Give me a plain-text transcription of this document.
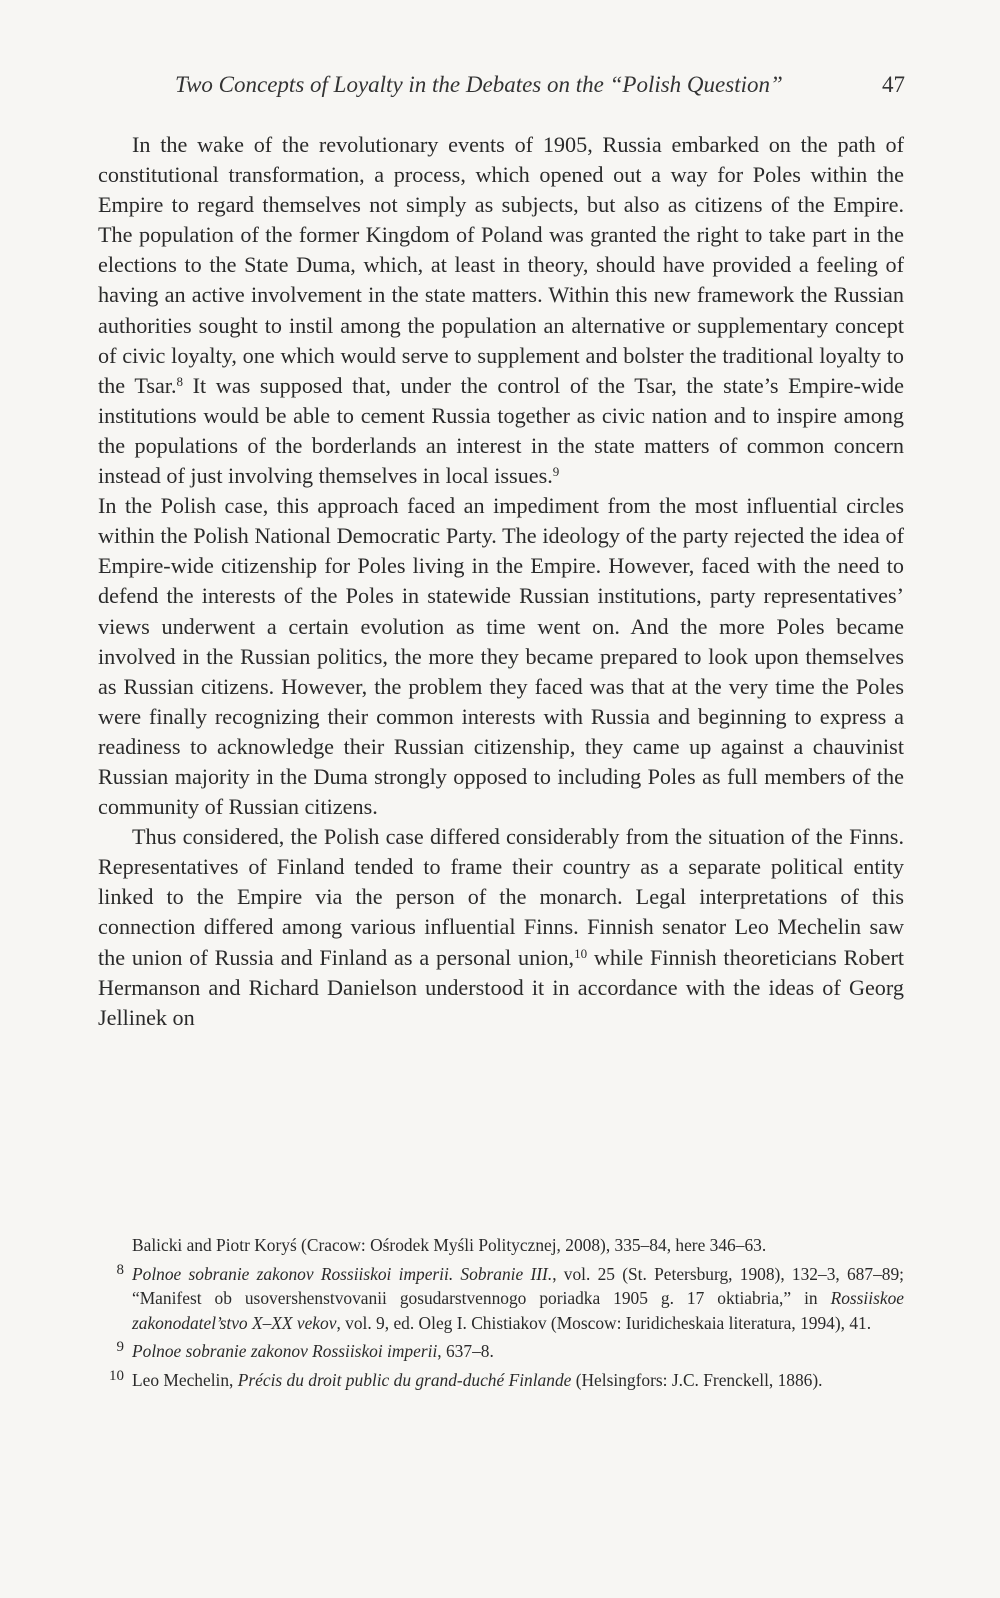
Two Concepts of Loyalty in the Debates on the “Polish Question”	47

In the wake of the revolutionary events of 1905, Russia embarked on the path of constitutional transformation, a process, which opened out a way for Poles within the Empire to regard themselves not simply as subjects, but also as citizens of the Empire. The population of the former Kingdom of Poland was granted the right to take part in the elections to the State Duma, which, at least in theory, should have provided a feeling of having an active involvement in the state matters. Within this new framework the Russian authorities sought to instil among the population an alternative or supplementary concept of civic loyalty, one which would serve to supplement and bolster the traditional loyalty to the Tsar.$^8$ It was supposed that, under the control of the Tsar, the state’s Empire-wide institutions would be able to cement Russia together as civic nation and to inspire among the populations of the borderlands an interest in the state matters of common concern instead of just involving themselves in local issues.$^9$

In the Polish case, this approach faced an impediment from the most influential circles within the Polish National Democratic Party. The ideology of the party rejected the idea of Empire-wide citizenship for Poles living in the Empire. However, faced with the need to defend the interests of the Poles in statewide Russian institutions, party representatives’ views underwent a certain evolution as time went on. And the more Poles became involved in the Russian politics, the more they became prepared to look upon themselves as Russian citizens. However, the problem they faced was that at the very time the Poles were finally recognizing their common interests with Russia and beginning to express a readiness to acknowledge their Russian citizenship, they came up against a chauvinist Russian majority in the Duma strongly opposed to including Poles as full members of the community of Russian citizens.

Thus considered, the Polish case differed considerably from the situation of the Finns. Representatives of Finland tended to frame their country as a separate political entity linked to the Empire via the person of the monarch. Legal interpretations of this connection differed among various influential Finns. Finnish senator Leo Mechelin saw the union of Russia and Finland as a personal union,$^{10}$ while Finnish theoreticians Robert Hermanson and Richard Danielson understood it in accordance with the ideas of Georg Jellinek on

Balicki and Piotr Koryś (Cracow: Ośrodek Myśli Politycznej, 2008), 335–84, here 346–63.
8 Polnoe sobranie zakonov Rossiiskoi imperii. Sobranie III., vol. 25 (St. Petersburg, 1908), 132–3, 687–89; “Manifest ob usovershenstvovanii gosudarstvennogo poriadka 1905 g. 17 oktiabria,” in Rossiiskoe zakonodatel’stvo X–XX vekov, vol. 9, ed. Oleg I. Chistiakov (Moscow: Iuridicheskaia literatura, 1994), 41.
9 Polnoe sobranie zakonov Rossiiskoi imperii, 637–8.
10 Leo Mechelin, Précis du droit public du grand-duché Finlande (Helsingfors: J.C. Frenckell, 1886).
